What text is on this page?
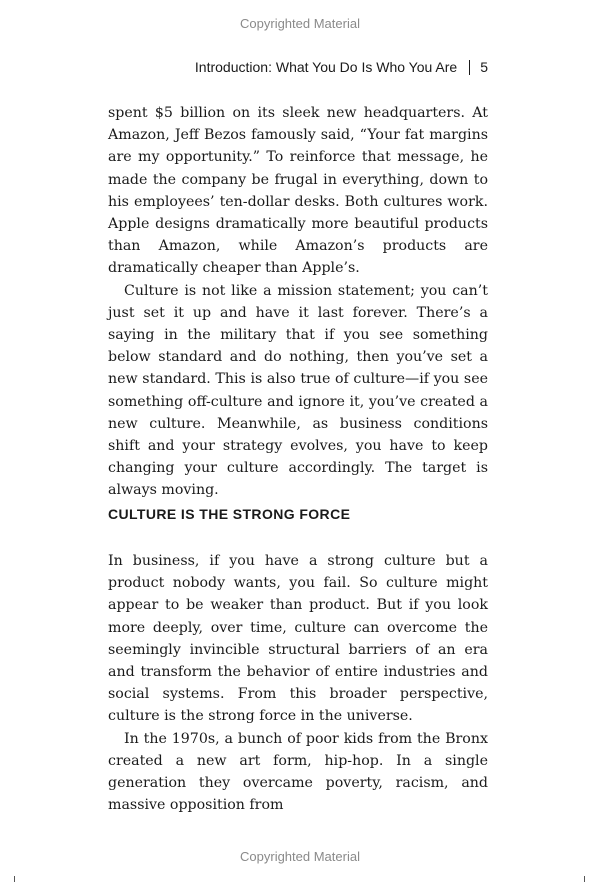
Copyrighted Material
Introduction: What You Do Is Who You Are 5

spent $5 billion on its sleek new headquarters. At Amazon, Jeff Bezos famously said, “Your fat margins are my opportunity.” To reinforce that message, he made the company be frugal in everything, down to his employees’ ten-dollar desks. Both cultures work. Apple designs dramatically more beautiful products than Amazon, while Amazon’s products are dramatically cheaper than Apple’s.

Culture is not like a mission statement; you can’t just set it up and have it last forever. There’s a saying in the military that if you see something below standard and do nothing, then you’ve set a new standard. This is also true of culture—if you see something off-culture and ignore it, you’ve created a new culture. Meanwhile, as business conditions shift and your strategy evolves, you have to keep changing your culture accordingly. The target is always moving.

CULTURE IS THE STRONG FORCE

In business, if you have a strong culture but a product nobody wants, you fail. So culture might appear to be weaker than product. But if you look more deeply, over time, culture can overcome the seemingly invincible structural barriers of an era and transform the behavior of entire industries and social systems. From this broader perspective, culture is the strong force in the universe.

In the 1970s, a bunch of poor kids from the Bronx created a new art form, hip-hop. In a single generation they overcame poverty, racism, and massive opposition from

Copyrighted Material
